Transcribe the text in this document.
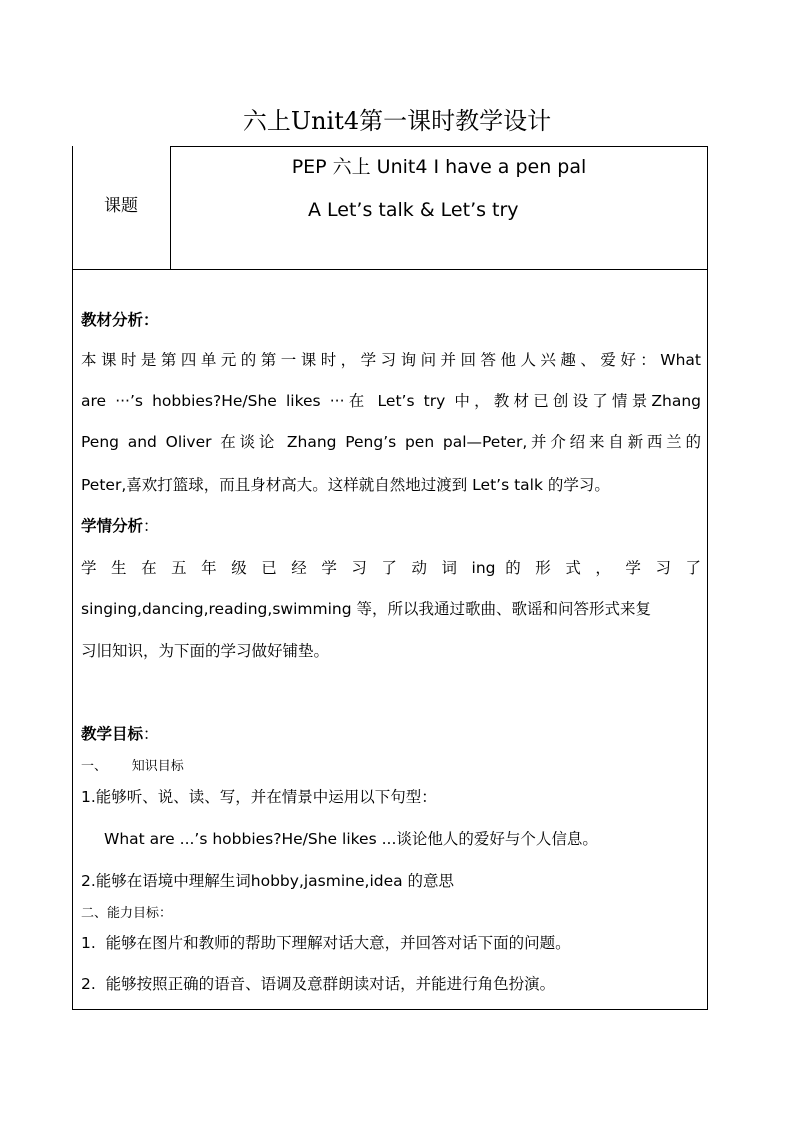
六上Unit4第一课时教学设计
课题
PEP 六上 Unit4 I have a pen pal
A Let’s talk & Let’s try
教材分析：
本课时是第四单元的第一课时，学习询问并回答他人兴趣、爱好：What
are ···’s hobbies?He/She likes ···在 Let’s try 中，教材已创设了情景Zhang
Peng and Oliver 在谈论 Zhang Peng’s pen pal—Peter,并介绍来自新西兰的
Peter,喜欢打篮球，而且身材高大。这样就自然地过渡到 Let’s talk 的学习。
学情分析：
学 生 在 五 年 级 已 经 学 习 了 动 词 ing 的 形 式 ， 学 习 了
singing,dancing,reading,swimming 等，所以我通过歌曲、歌谣和问答形式来复
习旧知识，为下面的学习做好铺垫。
教学目标：
一、      知识目标
1.能够听、说、读、写，并在情景中运用以下句型：
What are ...’s hobbies?He/She likes ...谈论他人的爱好与个人信息。
2.能够在语境中理解生词hobby,jasmine,idea 的意思
二、能力目标：
1.  能够在图片和教师的帮助下理解对话大意，并回答对话下面的问题。
2.  能够按照正确的语音、语调及意群朗读对话，并能进行角色扮演。
